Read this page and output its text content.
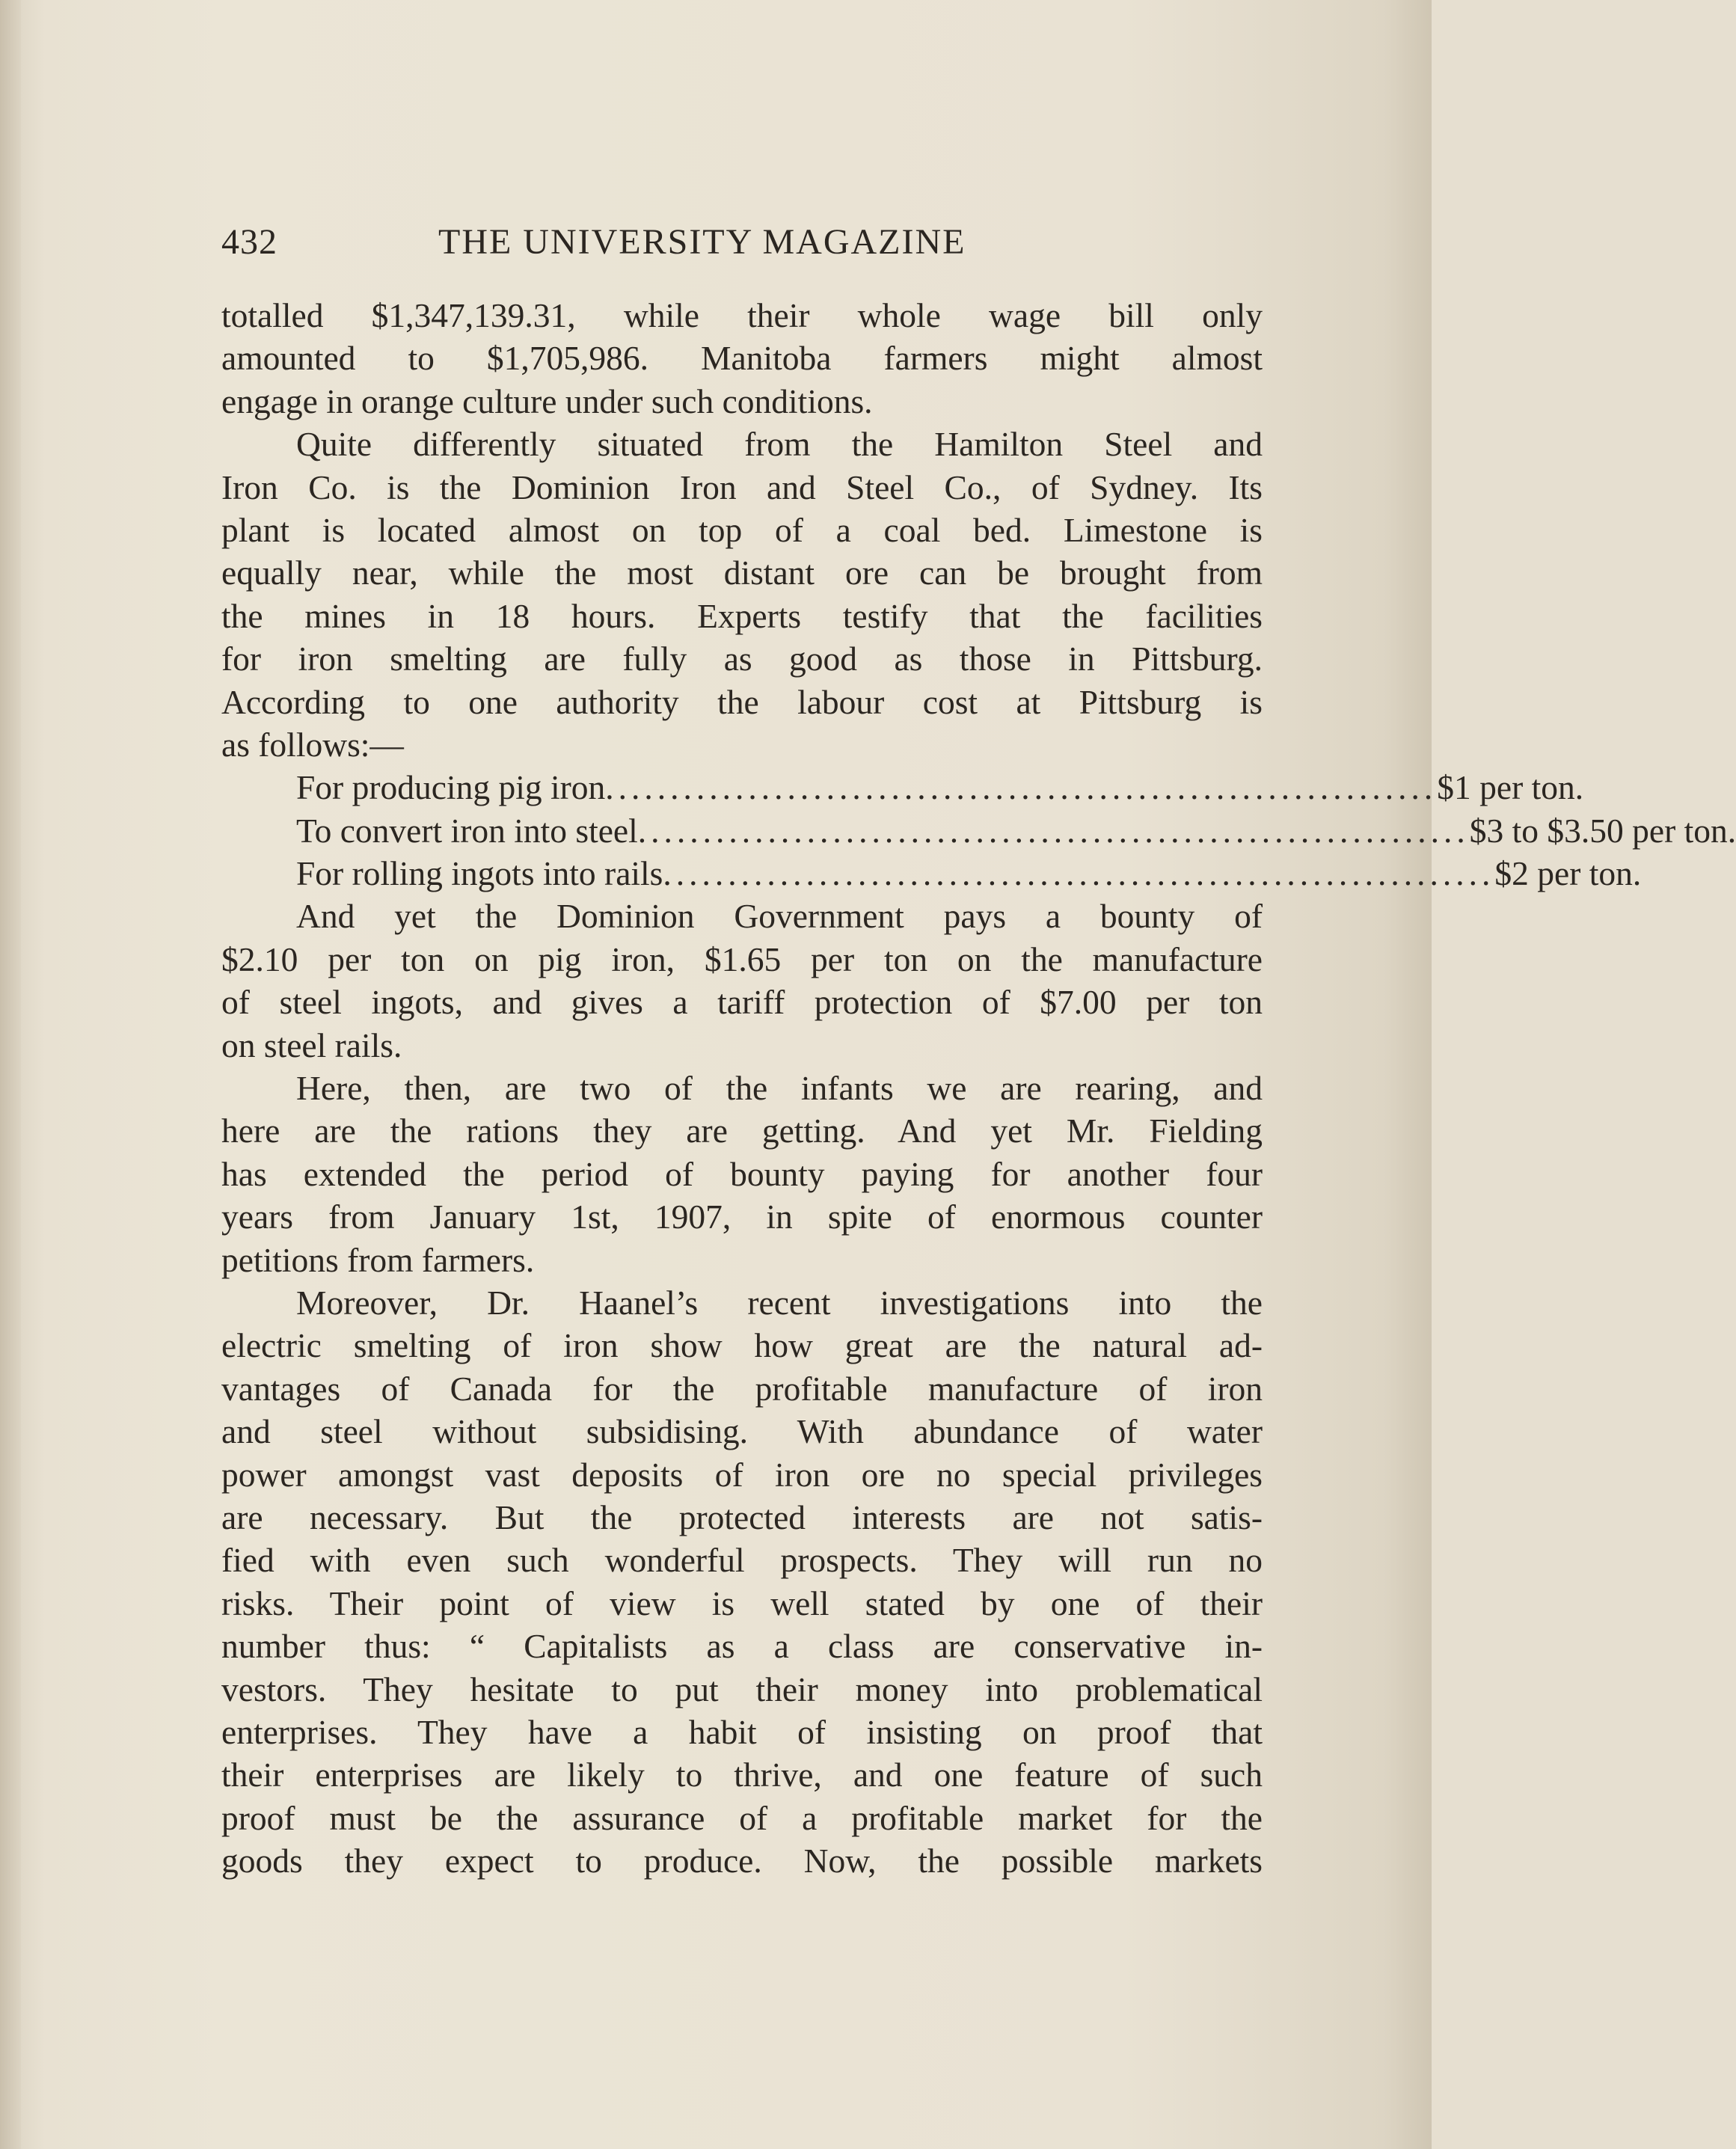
432	THE UNIVERSITY MAGAZINE
totalled $1,347,139.31, while their whole wage bill only
amounted to $1,705,986. Manitoba farmers might almost
engage in orange culture under such conditions.
Quite differently situated from the Hamilton Steel and
Iron Co. is the Dominion Iron and Steel Co., of Sydney. Its
plant is located almost on top of a coal bed. Limestone is
equally near, while the most distant ore can be brought from
the mines in 18 hours. Experts testify that the facilities
for iron smelting are fully as good as those in Pittsburg.
According to one authority the labour cost at Pittsburg is
as follows:—
For producing pig iron ................................................................ $1 per ton.
To convert iron into steel ................................................................ $3 to $3.50 per ton.
For rolling ingots into rails ................................................................ $2 per ton.
And yet the Dominion Government pays a bounty of
$2.10 per ton on pig iron, $1.65 per ton on the manufacture
of steel ingots, and gives a tariff protection of $7.00 per ton
on steel rails.
Here, then, are two of the infants we are rearing, and
here are the rations they are getting. And yet Mr. Fielding
has extended the period of bounty paying for another four
years from January 1st, 1907, in spite of enormous counter
petitions from farmers.
Moreover, Dr. Haanel’s recent investigations into the
electric smelting of iron show how great are the natural ad-
vantages of Canada for the profitable manufacture of iron
and steel without subsidising. With abundance of water
power amongst vast deposits of iron ore no special privileges
are necessary. But the protected interests are not satis-
fied with even such wonderful prospects. They will run no
risks. Their point of view is well stated by one of their
number thus: “ Capitalists as a class are conservative in-
vestors. They hesitate to put their money into problematical
enterprises. They have a habit of insisting on proof that
their enterprises are likely to thrive, and one feature of such
proof must be the assurance of a profitable market for the
goods they expect to produce. Now, the possible markets
